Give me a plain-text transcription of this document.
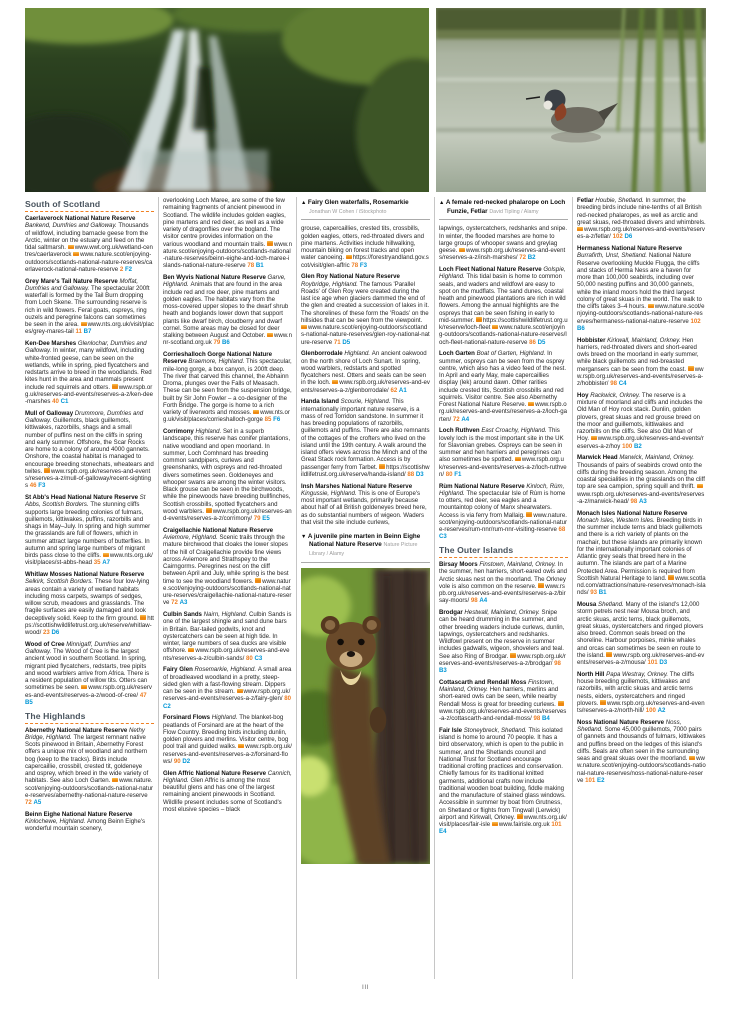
South of Scotland

Caerlaverock National Nature Reserve Bankend, Dumfries and Galloway. Thousands of wildfowl, including barnacle geese from the Arctic, winter on the estuary and feed on the tidal saltmarsh. www.wwt.org.uk/wetland-centres/caerlaverock www.nature.scot/enjoying-outdoors/scotlands-national-nature-reserves/caerlaverock-national-nature-reserve 2 F2

Grey Mare's Tail Nature Reserve Moffat, Dumfries and Galloway. The spectacular 200ft waterfall is formed by the Tail Burn dropping from Loch Skene. The surrounding reserve is rich in wild flowers. Feral goats, ospreys, ring ouzels and peregrine falcons can sometimes be seen in the area. www.nts.org.uk/visit/places/grey-mares-tail 11 B7

Ken-Dee Marshes Glenlochar, Dumfries and Galloway. In winter, many wildfowl, including white-fronted geese, can be seen on the wetlands, while in spring, pied flycatchers and redstarts arrive to breed in the woodlands. Red kites hunt in the area and mammals present include red squirrels and otters. www.rspb.org.uk/reserves-and-events/reserves-a-z/ken-dee-marshes 40 C1

Mull of Galloway Drummore, Dumfries and Galloway. Guillemots, black guillemots, kittiwakes, razorbills, shags and a small number of puffins nest on the cliffs in spring and early summer. Offshore, the Scar Rocks are home to a colony of around 4000 gannets. Onshore, the coastal habitat is managed to encourage breeding stonechats, wheatears and twites. www.rspb.org.uk/reserves-and-events/reserves-a-z/mull-of-galloway/recent-sightings 46 F3

St Abb's Head National Nature Reserve St Abbs, Scottish Borders. The stunning cliffs supports large breeding colonies of fulmars, guillemots, kittiwakes, puffins, razorbills and shags in May–July. In spring and high summer the grasslands are full of flowers, which in summer attract large numbers of butterflies. In autumn and spring large numbers of migrant birds pass close to the cliffs. www.nts.org.uk/visit/places/st-abbs-head 35 A7

Whitlaw Mosses National Nature Reserve Selkirk, Scottish Borders. These four low-lying areas contain a variety of wetland habitats including moss carpets, swamps of sedges, willow scrub, meadows and grasslands. The fragile surfaces are easily damaged and look deceptively solid. Keep to the firm ground. https://scottishwildlifetrust.org.uk/reserve/whitlaw-wood/ 23 D6

Wood of Cree Minnigaff, Dumfries and Galloway. The Wood of Cree is the largest ancient wood in southern Scotland. In spring, migrant pied flycatchers, redstarts, tree pipits and wood warblers arrive from Africa. There is a resident population of willow tits. Otters can sometimes be seen. www.rspb.org.uk/reserves-and-events/reserves-a-z/wood-of-cree/ 47 B5

The Highlands

Abernethy National Nature Reserve Nethy Bridge, Highland. The largest remnant native Scots pinewood in Britain, Abernethy Forest offers a unique mix of woodland and northern bog (keep to the tracks). Birds include capercaillie, crossbill, crested tit, goldeneye and osprey, which breed in the wide variety of habitats. See also Loch Garten. www.nature.scot/enjoying-outdoors/scotlands-national-nature-reserves/abernethy-national-nature-reserve 72 A5

Beinn Eighe National Nature Reserve Kinlochewe, Highland. Among Beinn Eighe's wonderful mountain scenery,

overlooking Loch Maree, are some of the few remaining fragments of ancient pinewood in Scotland. The wildlife includes golden eagles, pine martens and red deer, as well as a wide variety of dragonflies over the bogland. The visitor centre provides information on the various woodland and mountain trails. www.nature.scot/enjoying-outdoors/scotlands-national-nature-reserves/beinn-eighe-and-loch-maree-islands-national-nature-reserve 78 B1

Ben Wyvis National Nature Reserve Garve, Highland. Animals that are found in the area include red and roe deer, pine martens and golden eagles. The habitats vary from the moss-covered upper slopes to the dwarf shrub heath and boglands lower down that support plants like dwarf birch, cloudberry and dwarf cornel. Some areas may be closed for deer stalking between August and October. www.nnr-scotland.org.uk 79 B6

Corrieshalloch Gorge National Nature Reserve Braemore, Highland. This spectacular, mile-long gorge, a box canyon, is 200ft deep. The river that carved this channel, the Abhainn Droma, plunges over the Falls of Measach. These can be seen from the suspension bridge, built by Sir John Fowler – a co-designer of the Forth Bridge. The gorge is home to a rich variety of liverworts and mosses. www.nts.org.uk/visit/places/corrieshalloch-gorge 85 F6

Corrimony Highland. Set in a superb landscape, this reserve has conifer plantations, native woodland and open moorland. In summer, Loch Comhnard has breeding common sandpipers, curlews and greenshanks, with ospreys and red-throated divers sometimes seen. Goldeneyes and whooper swans are among the winter visitors. Black grouse can be seen in the birchwoods, while the pinewoods have breeding bullfinches, Scottish crossbills, spotted flycatchers and wood warblers. www.rspb.org.uk/reserves-and-events/reserves-a-z/corrimony/ 79 E5

Craigellachie National Nature Reserve Aviemore, Highland. Scenic trails through the mature birchwood that cloaks the lower slopes of the hill of Craigellachie provide fine views across Aviemore and Strathspey to the Cairngorms. Peregrines nest on the cliff between April and July, while spring is the best time to see the woodland flowers. www.nature.scot/enjoying-outdoors/scotlands-national-nature-reserves/craigellachie-national-nature-reserve 72 A3

Culbin Sands Nairn, Highland. Culbin Sands is one of the largest shingle and sand dune bars in Britain. Bar-tailed godwits, knot and oystercatchers can be seen at high tide. In winter, large numbers of sea ducks are visible offshore. www.rspb.org.uk/reserves-and-events/reserves-a-z/culbin-sands/ 80 C3

Fairy Glen Rosemarkie, Highland. A small area of broadleaved woodland in a pretty, steep-sided glen with a fast-flowing stream. Dippers can be seen in the stream. www.rspb.org.uk/reserves-and-events/reserves-a-z/fairy-glen/ 80 C2

Forsinard Flows Highland. The blanket-bog peatlands of Forsinard are at the heart of the Flow Country. Breeding birds including dunlin, golden plovers and merlins. Visitor centre, bog pool trail and guided walks. www.rspb.org.uk/reserves-and-events/reserves-a-z/forsinard-flows/ 90 D2

Glen Affric National Nature Reserve Cannich, Highland. Glen Affric is among the most beautiful glens and has one of the largest remaining ancient pinewoods in Scotland. Wildlife present includes some of Scotland's most elusive species – black

▲ Fairy Glen waterfalls, Rosemarkie Jonathan W Cohen / iStockphoto

grouse, capercaillies, crested tits, crossbills, golden eagles, otters, red-throated divers and pine martens. Activities include hillwalking, mountain biking on forest tracks and open water canoeing. https://forestryandland.gov.scot/visit/glen-affric 78 F3

Glen Roy National Nature Reserve Roybridge, Highland. The famous 'Parallel Roads' of Glen Roy were created during the last ice age when glaciers dammed the end of the glen and created a succession of lakes in it. The shorelines of these form the 'Roads' on the hillsides that can be seen from the viewpoint. www.nature.scot/enjoying-outdoors/scotlands-national-nature-reserves/glen-roy-national-nature-reserve 71 D5

Glenborrodale Highland. An ancient oakwood on the north shore of Loch Sunart. In spring, wood warblers, redstarts and spotted flycatchers nest. Otters and seals can be seen in the loch. www.rspb.org.uk/reserves-and-events/reserves-a-z/glenborrodale/ 62 A1

Handa Island Scourie, Highland. This internationally important nature reserve, is a mass of red Torridon sandstone. In summer it has breeding populations of razorbills, guillemots and puffins. There are also remnants of the cottages of the crofters who lived on the island until the 19th century. A walk around the island offers views across the Minch and of the Great Stack rock formation. Access is by passenger ferry from Tarbet. https://scottishwildlifetrust.org.uk/reserve/handa-island/ 88 D3

Insh Marshes National Nature Reserve Kingussie, Highland. This is one of Europe's most important wetlands, primarily because about half of all British goldeneyes breed here, as do substantial numbers of wigeon. Waders that visit the site include curlews,

▼ A juvenile pine marten in Beinn Eighe National Nature Reserve Nature Picture Library / Alamy
▲ A female red-necked phalarope on Loch Funzie, Fetlar David Tipling / Alamy

lapwings, oystercatchers, redshanks and snipe. In winter, the flooded marshes are home to large groups of whooper swans and greylag geese. www.rspb.org.uk/reserves-and-events/reserves-a-z/insh-marshes/ 72 B2

Loch Fleet National Nature Reserve Golspie, Highland. This tidal basin is home to common seals, and waders and wildfowl are easy to spot on the mudflats. The sand dunes, coastal heath and pinewood plantations are rich in wild flowers. Among the annual highlights are the ospreys that can be seen fishing in early to mid-summer. https://scottishwildlifetrust.org.uk/reserve/loch-fleet www.nature.scot/enjoying-outdoors/scotlands-national-nature-reserves/loch-fleet-national-nature-reserve 86 D5

Loch Garten Boat of Garten, Highland. In summer, ospreys can be seen from the osprey centre, which also has a video feed of the nest. In April and early May, male capercaillies display (lek) around dawn. Other rarities include crested tits, Scottish crossbills and red squirrels. Visitor centre. See also Abernethy Forest National Nature Reserve. www.rspb.org.uk/reserves-and-events/reserves-a-z/loch-garten/ 72 A4

Loch Ruthven East Croachy, Highland. This lovely loch is the most important site in the UK for Slavonian grebes. Ospreys can be seen in summer and hen harriers and peregrines can also sometimes be spotted. www.rspb.org.uk/reserves-and-events/reserves-a-z/loch-ruthven/ 80 F1

Rùm National Nature Reserve Kinloch, Rùm, Highland. The spectacular Isle of Rùm is home to otters, red deer, sea eagles and a mountaintop colony of Manx shearwaters. Access is via ferry from Mallaig. www.nature.scot/enjoying-outdoors/scotlands-national-nature-reserves/rum-nnr/rum-nnr-visiting-reserve 68 C3

The Outer Islands

Birsay Moors Finstown, Mainland, Orkney. In the summer, hen harriers, short-eared owls and Arctic skuas nest on the moorland. The Orkney vole is also common on the reserve. www.rspb.org.uk/reserves-and-events/reserves-a-z/birsay-moors/ 98 A4

Brodgar Hestwall, Mainland, Orkney. Snipe can be heard drumming in the summer, and other breeding waders include curlews, dunlin, lapwings, oystercatchers and redshanks. Wildfowl present on the reserve in summer includes gadwalls, wigeon, shovelers and teal. See also Ring of Brodgar. www.rspb.org.uk/reserves-and-events/reserves-a-z/brodgar/ 98 B3

Cottascarth and Rendall Moss Finstown, Mainland, Orkney. Hen harriers, merlins and short-eared owls can be seen, while nearby Rendall Moss is great for breeding curlews. www.rspb.org.uk/reserves-and-events/reserves-a-z/cottascarth-and-rendall-moss/ 98 B4

Fair Isle Stoneybreck, Shetland. This isolated island is home to around 70 people. It has a bird observatory, which is open to the public in summer, and the Shetlands council and National Trust for Scotland encourage traditional crofting practices and conservation. Chiefly famous for its traditional knitted garments, additional crafts now include traditional wooden boat building, fiddle making and the manufacture of stained glass windows. Accessible in summer by boat from Grutness, on Shetland or flights from Tingwall (Lerwick) airport and Kirkwall, Orkney. www.nts.org.uk/visit/places/fair-isle www.fairisle.org.uk 101 E4

Fetlar Houbie, Shetland. In summer, the breeding birds include nine-tenths of all British red-necked phalaropes, as well as arctic and great skuas, red-throated divers and whimbrels. www.rspb.org.uk/reserves-and-events/reserves-a-z/fetlar/ 102 D6

Hermaness National Nature Reserve Burrafirth, Unst, Shetland. National Nature Reserve overlooking Muckle Flugga, the cliffs and stacks of Herma Ness are a haven for more than 100,000 seabirds, including over 50,000 nesting puffins and 30,000 gannets, while the inland moors hold the third largest colony of great skuas in the world. The walk to the cliffs takes 3–4 hours. www.nature.scot/enjoying-outdoors/scotlands-national-nature-reserves/hermaness-national-nature-reserve 102 B6

Hobbister Kirkwall, Mainland, Orkney. Hen harriers, red-throated divers and short-eared owls breed on the moorland in early summer, while black guillemots and red-breasted mergansers can be seen from the coast. www.rspb.org.uk/reserves-and-events/reserves-a-z/hobbister/ 98 C4

Hoy Rackwick, Orkney. The reserve is a mixture of moorland and cliffs and includes the Old Man of Hoy rock stack. Dunlin, golden plovers, great skuas and red grouse breed on the moor and guillemots, kittiwakes and razorbills on the cliffs. See also Old Man of Hoy. www.rspb.org.uk/reserves-and-events/reserves-a-z/hoy 100 B2

Marwick Head Marwick, Mainland, Orkney. Thousands of pairs of seabirds crowd onto the cliffs during the breeding season. Among the coastal specialities in the grasslands on the cliff top are sea campion, spring squill and thrift. www.rspb.org.uk/reserves-and-events/reserves-a-z/marwick-head/ 98 A3

Monach Isles National Nature Reserve Monach Isles, Western Isles. Breeding birds in the summer include terns and black guillemots and there is a rich variety of plants on the machair, but these islands are primarily known for the internationally important colonies of Atlantic grey seals that breed here in the autumn. The islands are part of a Marine Protected Area. Permission is required from Scottish Natural Heritage to land. www.scotland.com/attractions/nature-reserves/monach-islands/ 93 B1

Mousa Shetland. Many of the island's 12,000 storm petrels nest near Mousa broch, and arctic skuas, arctic terns, black guillemots, great skuas, oystercatchers and ringed plovers also breed. Common seals breed on the shoreline. Harbour porpoises, minke whales and orcas can sometimes be seen en route to the island. www.rspb.org.uk/reserves-and-events/reserves-a-z/mousa/ 101 D3

North Hill Papa Westray, Orkney. The cliffs house breeding guillemots, kittiwakes and razorbills, with arctic skuas and arctic terns nests, eiders, oystercatchers and ringed plovers. www.rspb.org.uk/reserves-and-events/reserves-a-z/north-hill/ 100 A2

Noss National Nature Reserve Noss, Shetland. Some 45,000 guillemots, 7000 pairs of gannets and thousands of fulmars, kittiwakes and puffins breed on the ledges of this island's cliffs. Seals are often seen in the surrounding seas and great skuas over the moorland. www.nature.scot/enjoying-outdoors/scotlands-national-nature-reserves/noss-national-nature-reserve 101 E2

III
